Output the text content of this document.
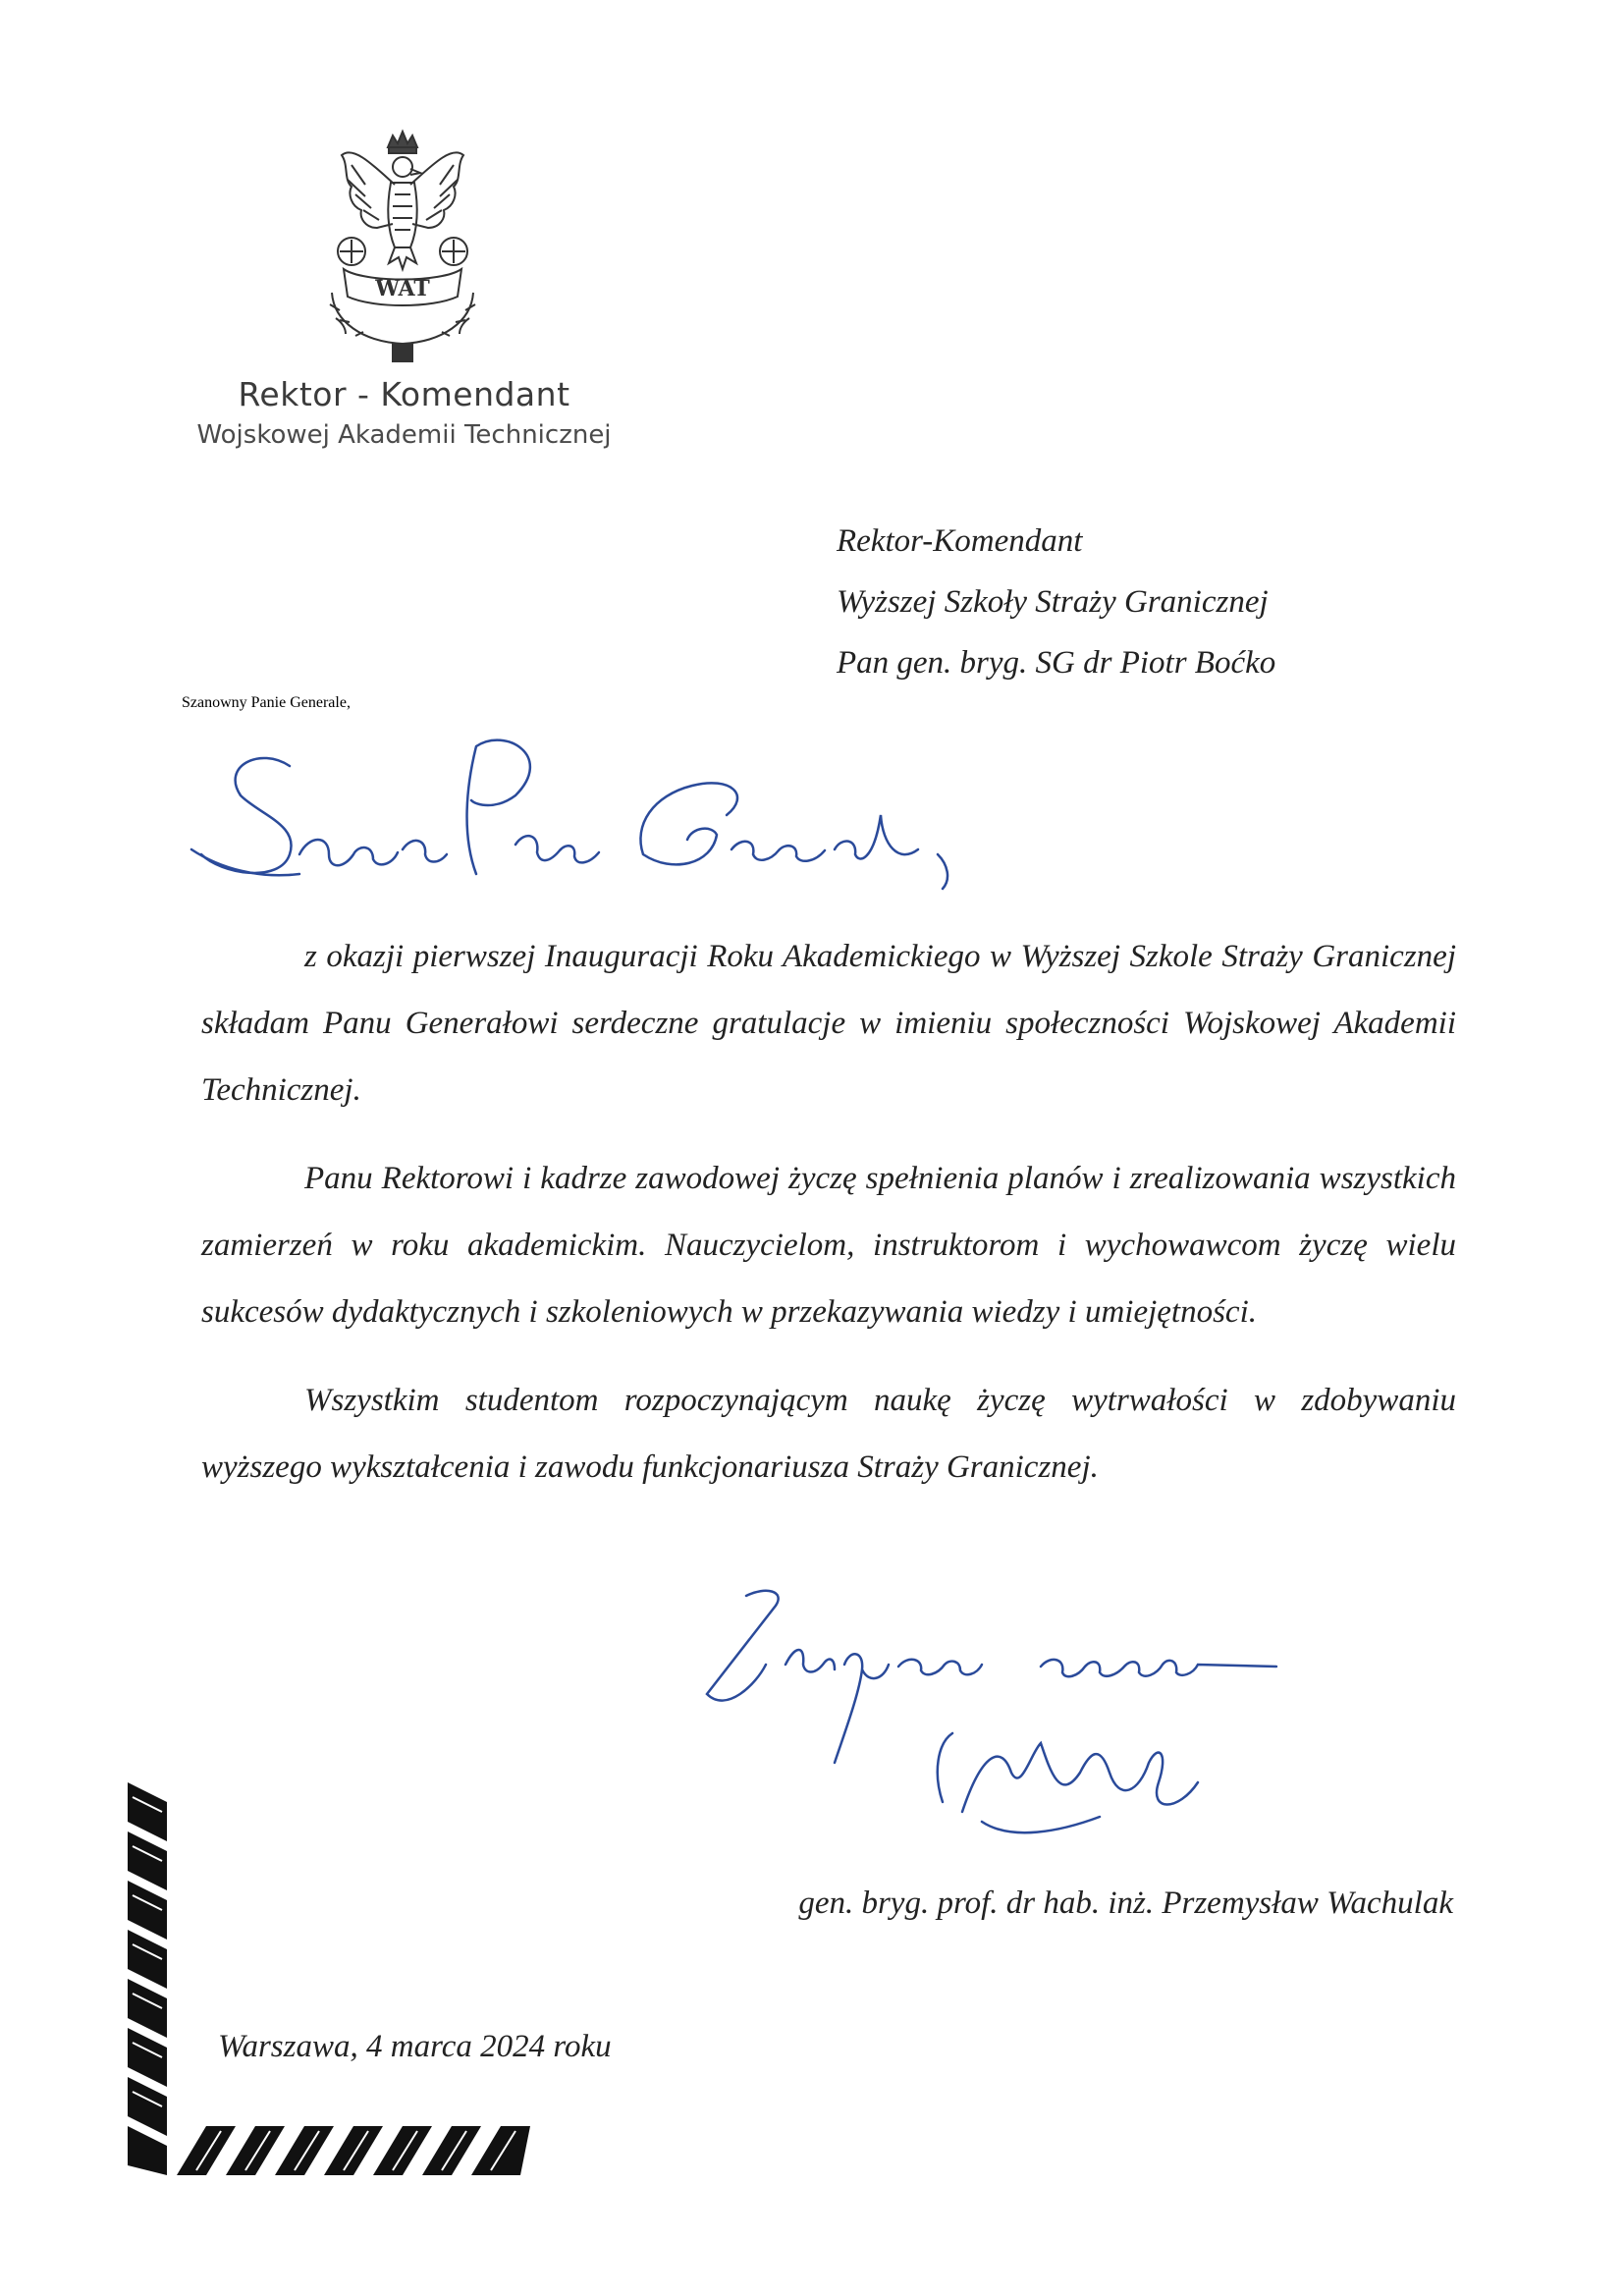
WAT
Rektor - Komendant
Wojskowej Akademii Technicznej
Rektor-Komendant
Wyższej Szkoły Straży Granicznej
Pan gen. bryg. SG dr Piotr Boćko
Szanowny Panie Generale,

z okazji pierwszej Inauguracji Roku Akademickiego w Wyższej Szkole Straży Granicznej składam Panu Generałowi serdeczne gratulacje w imieniu społeczności Wojskowej Akademii Technicznej.

Panu Rektorowi i kadrze zawodowej życzę spełnienia planów i zrealizowania wszystkich zamierzeń w roku akademickim. Nauczycielom, instruktorom i wychowawcom życzę wielu sukcesów dydaktycznych i szkoleniowych w przekazywania wiedzy i umiejętności.

Wszystkim studentom rozpoczynającym naukę życzę wytrwałości w zdobywaniu wyższego wykształcenia i zawodu funkcjonariusza Straży Granicznej.

gen. bryg. prof. dr hab. inż. Przemysław Wachulak
Warszawa, 4 marca 2024 roku
